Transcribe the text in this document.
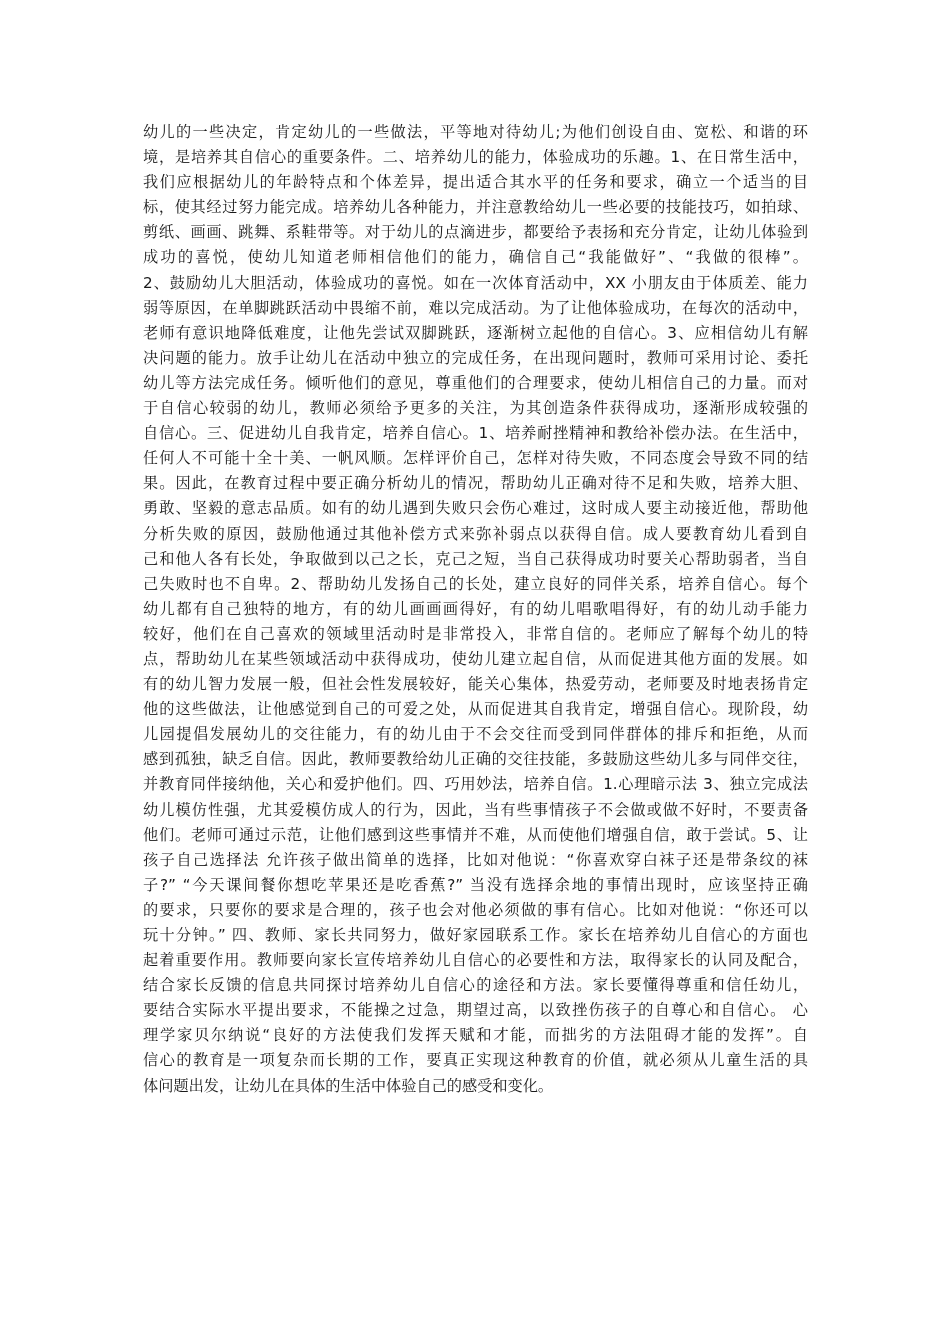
幼儿的一些决定，肯定幼儿的一些做法，平等地对待幼儿;为他们创设自由、宽松、和谐的环
境，是培养其自信心的重要条件。二、培养幼儿的能力，体验成功的乐趣。1、在日常生活中，
我们应根据幼儿的年龄特点和个体差异，提出适合其水平的任务和要求，确立一个适当的目
标，使其经过努力能完成。培养幼儿各种能力，并注意教给幼儿一些必要的技能技巧，如拍球、
剪纸、画画、跳舞、系鞋带等。对于幼儿的点滴进步，都要给予表扬和充分肯定，让幼儿体验到
成功的喜悦，使幼儿知道老师相信他们的能力，确信自己“我能做好”、“我做的很棒”。
2、鼓励幼儿大胆活动，体验成功的喜悦。如在一次体育活动中，XX 小朋友由于体质差、能力
弱等原因，在单脚跳跃活动中畏缩不前，难以完成活动。为了让他体验成功，在每次的活动中，
老师有意识地降低难度，让他先尝试双脚跳跃，逐渐树立起他的自信心。3、应相信幼儿有解
决问题的能力。放手让幼儿在活动中独立的完成任务，在出现问题时，教师可采用讨论、委托
幼儿等方法完成任务。倾听他们的意见，尊重他们的合理要求，使幼儿相信自己的力量。而对
于自信心较弱的幼儿，教师必须给予更多的关注，为其创造条件获得成功，逐渐形成较强的
自信心。三、促进幼儿自我肯定，培养自信心。1、培养耐挫精神和教给补偿办法。在生活中，
任何人不可能十全十美、一帆风顺。怎样评价自己，怎样对待失败，不同态度会导致不同的结
果。因此，在教育过程中要正确分析幼儿的情况，帮助幼儿正确对待不足和失败，培养大胆、
勇敢、坚毅的意志品质。如有的幼儿遇到失败只会伤心难过，这时成人要主动接近他，帮助他
分析失败的原因，鼓励他通过其他补偿方式来弥补弱点以获得自信。成人要教育幼儿看到自
己和他人各有长处，争取做到以己之长，克己之短，当自己获得成功时要关心帮助弱者，当自
己失败时也不自卑。2、帮助幼儿发扬自己的长处，建立良好的同伴关系，培养自信心。每个
幼儿都有自己独特的地方，有的幼儿画画画得好，有的幼儿唱歌唱得好，有的幼儿动手能力
较好，他们在自己喜欢的领域里活动时是非常投入，非常自信的。老师应了解每个幼儿的特
点，帮助幼儿在某些领域活动中获得成功，使幼儿建立起自信，从而促进其他方面的发展。如
有的幼儿智力发展一般，但社会性发展较好，能关心集体，热爱劳动，老师要及时地表扬肯定
他的这些做法，让他感觉到自己的可爱之处，从而促进其自我肯定，增强自信心。现阶段，幼
儿园提倡发展幼儿的交往能力，有的幼儿由于不会交往而受到同伴群体的排斥和拒绝，从而
感到孤独，缺乏自信。因此，教师要教给幼儿正确的交往技能，多鼓励这些幼儿多与同伴交往，
并教育同伴接纳他，关心和爱护他们。四、巧用妙法，培养自信。1.心理暗示法 3、独立完成法
幼儿模仿性强，尤其爱模仿成人的行为，因此，当有些事情孩子不会做或做不好时，不要责备
他们。老师可通过示范，让他们感到这些事情并不难，从而使他们增强自信，敢于尝试。5、让
孩子自己选择法 允许孩子做出简单的选择，比如对他说：“你喜欢穿白袜子还是带条纹的袜
子?” “今天课间餐你想吃苹果还是吃香蕉?” 当没有选择余地的事情出现时，应该坚持正确
的要求，只要你的要求是合理的，孩子也会对他必须做的事有信心。比如对他说：“你还可以
玩十分钟。” 四、教师、家长共同努力，做好家园联系工作。家长在培养幼儿自信心的方面也
起着重要作用。教师要向家长宣传培养幼儿自信心的必要性和方法，取得家长的认同及配合，
结合家长反馈的信息共同探讨培养幼儿自信心的途径和方法。家长要懂得尊重和信任幼儿，
要结合实际水平提出要求，不能操之过急，期望过高，以致挫伤孩子的自尊心和自信心。 心
理学家贝尔纳说“良好的方法使我们发挥天赋和才能，而拙劣的方法阻碍才能的发挥”。自
信心的教育是一项复杂而长期的工作，要真正实现这种教育的价值，就必须从儿童生活的具
体问题出发，让幼儿在具体的生活中体验自己的感受和变化。
